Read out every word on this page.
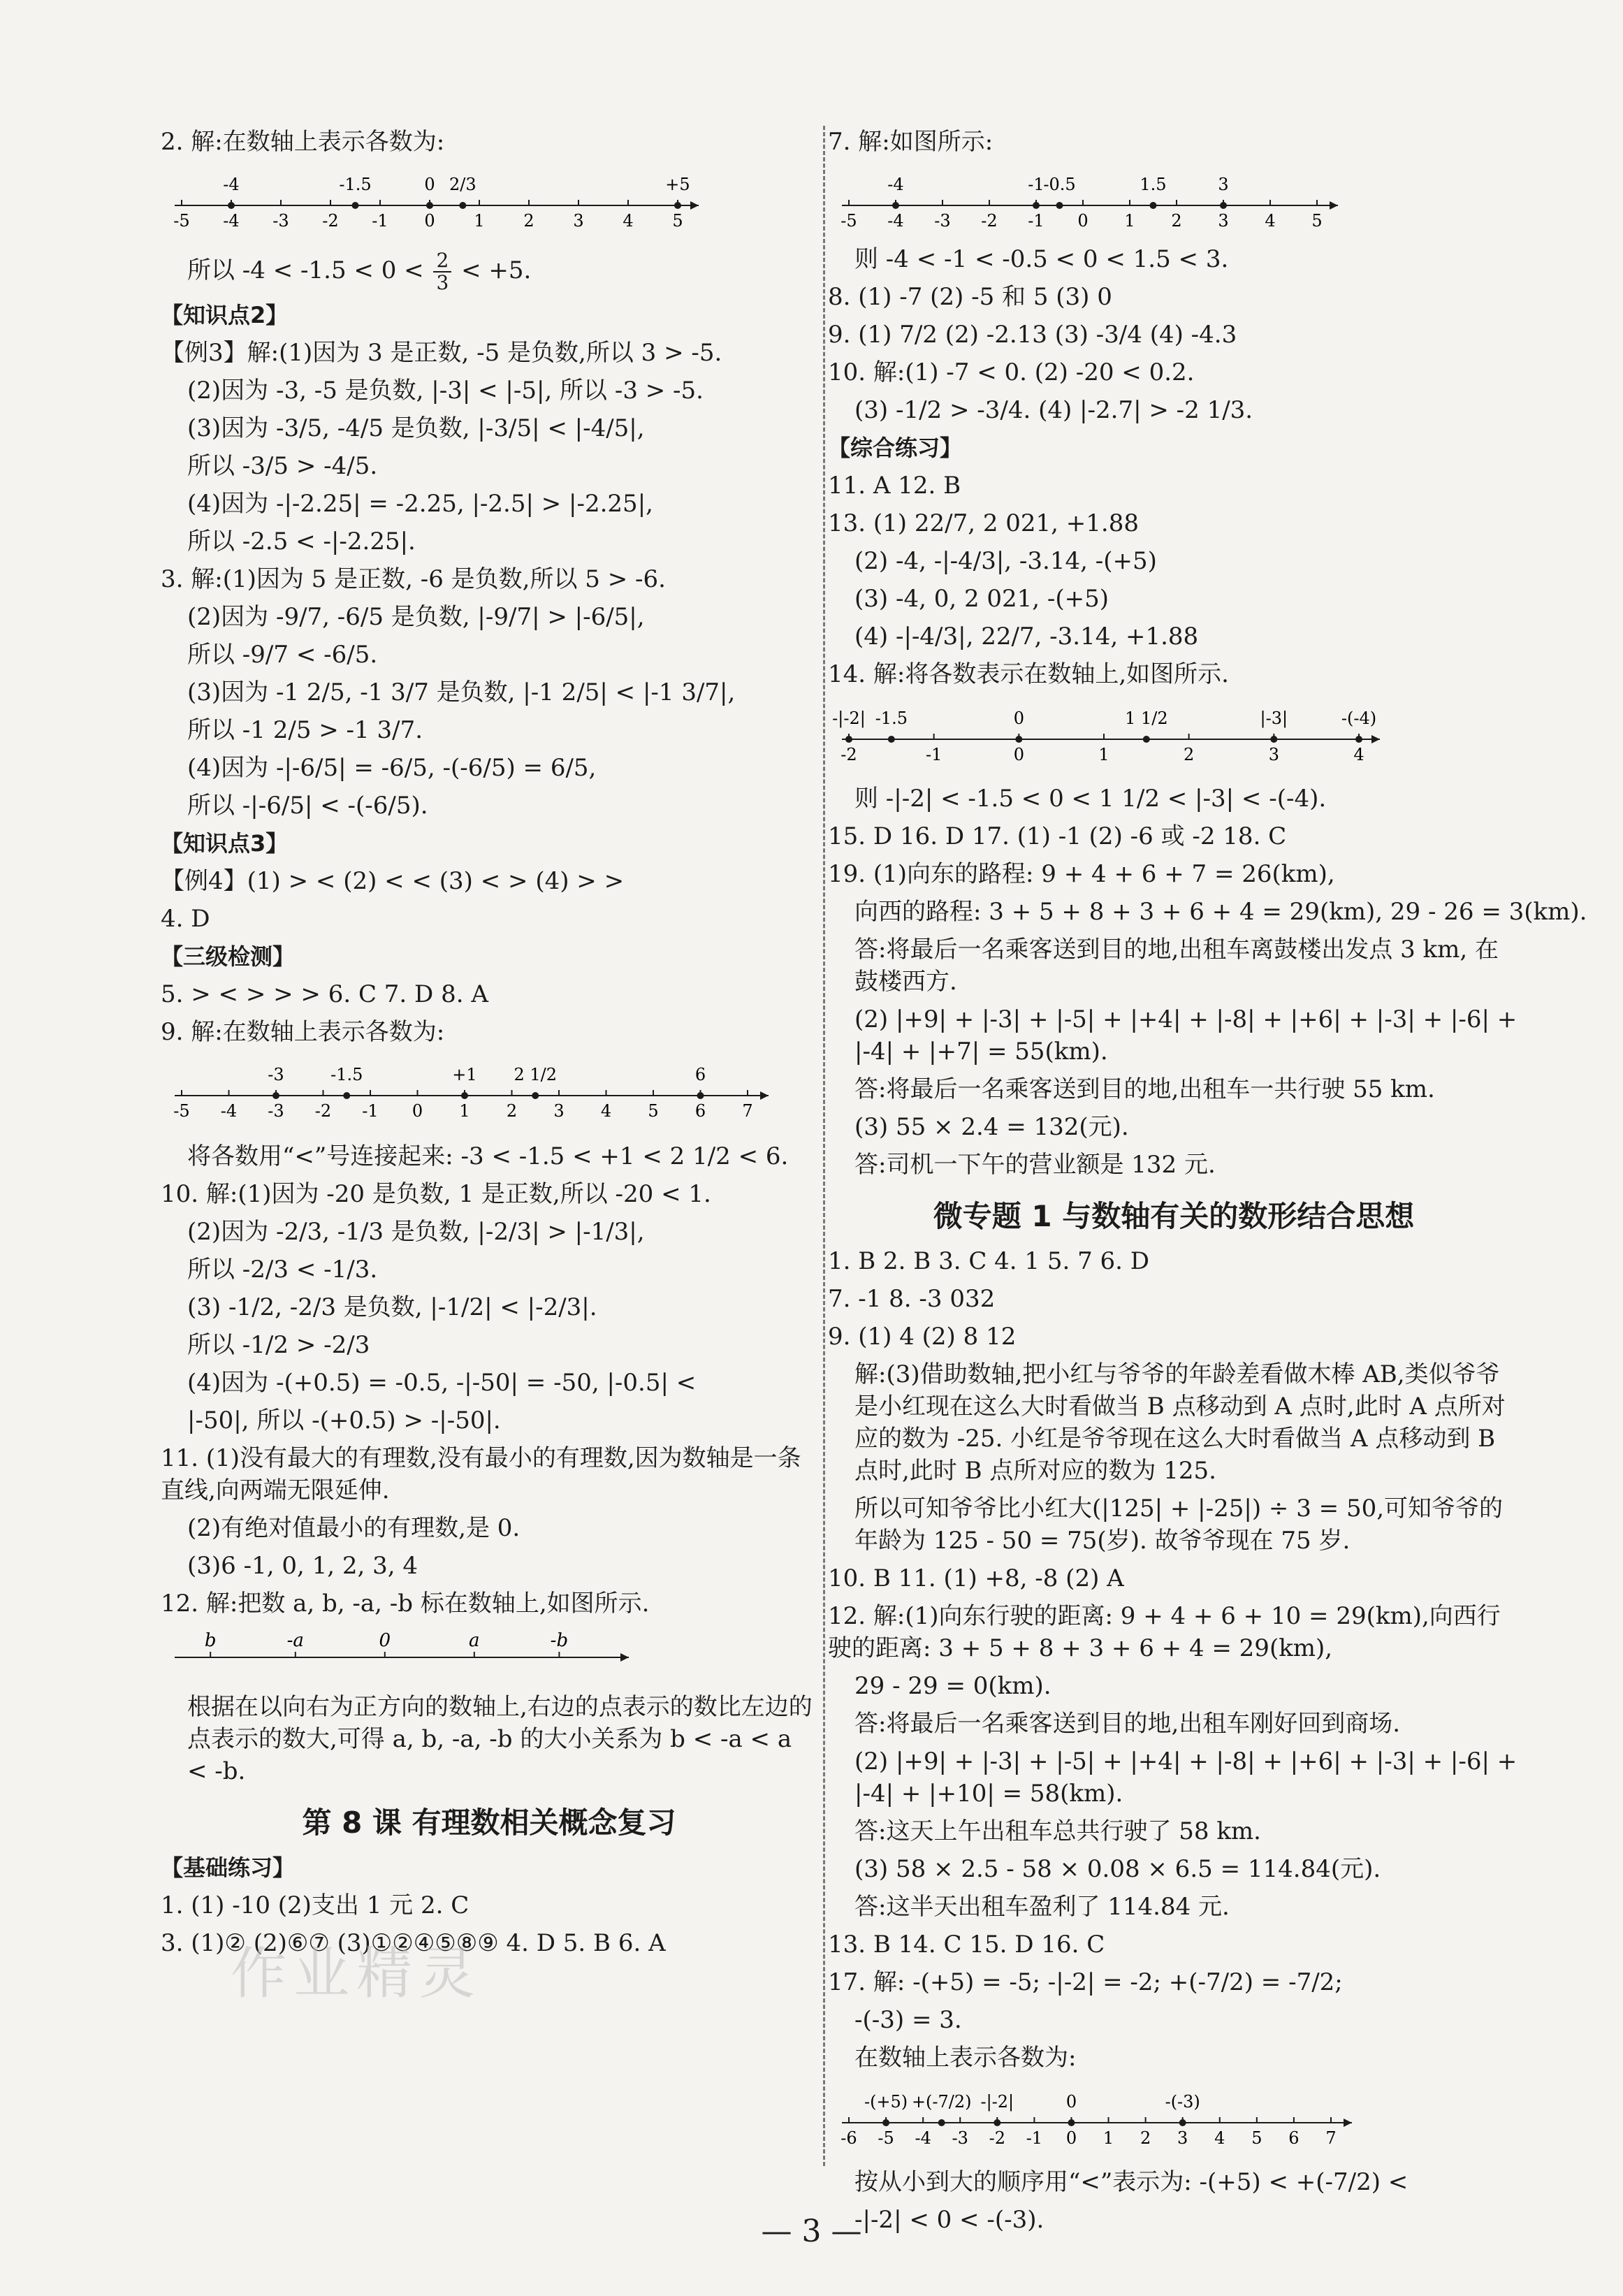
2. 解:在数轴上表示各数为:
-5 -4 -3 -2 -1 0 1 2 3 4 5
-4	-1.5	0 2/3	+5
所以 $-4 < -1.5 < 0 < \frac{2}{3} < +5$.
【知识点2】
【例3】解:(1)因为 3 是正数, -5 是负数,所以 3 > -5.
(2)因为 -3, -5 是负数, |-3| < |-5|, 所以 -3 > -5.
(3)因为 -3/5, -4/5 是负数, |-3/5| < |-4/5|,
所以 -3/5 > -4/5.
(4)因为 -|-2.25| = -2.25, |-2.5| > |-2.25|,
所以 -2.5 < -|-2.25|.
3. 解:(1)因为 5 是正数, -6 是负数,所以 5 > -6.
(2)因为 -9/7, -6/5 是负数, |-9/7| > |-6/5|,
所以 -9/7 < -6/5.
(3)因为 -1 2/5, -1 3/7 是负数, |-1 2/5| < |-1 3/7|,
所以 -1 2/5 > -1 3/7.
(4)因为 -|-6/5| = -6/5, -(-6/5) = 6/5,
所以 -|-6/5| < -(-6/5).
【知识点3】
【例4】(1) > < (2) < < (3) < > (4) > >
4. D
【三级检测】
5. > < > > > 6. C 7. D 8. A
9. 解:在数轴上表示各数为:
-5 -4 -3 -2 -1 0 1 2 3 4 5 6 7
-3	-1.5	+1 2 1/2	6
将各数用“<”号连接起来: -3 < -1.5 < +1 < 2 1/2 < 6.
10. 解:(1)因为 -20 是负数, 1 是正数,所以 -20 < 1.
(2)因为 -2/3, -1/3 是负数, |-2/3| > |-1/3|,
所以 -2/3 < -1/3.
(3) -1/2, -2/3 是负数, |-1/2| < |-2/3|.
所以 -1/2 > -2/3
(4)因为 -(+0.5) = -0.5, -|-50| = -50, |-0.5| <
|-50|, 所以 -(+0.5) > -|-50|.
11. (1)没有最大的有理数,没有最小的有理数,因为数轴是一条直线,向两端无限延伸.
(2)有绝对值最小的有理数,是 0.
(3)6 -1, 0, 1, 2, 3, 4
12. 解:把数 a, b, -a, -b 标在数轴上,如图所示.
b	-a	0	a	-b
根据在以向右为正方向的数轴上,右边的点表示的数比左边的点表示的数大,可得 a, b, -a, -b 的大小关系为 b < -a < a < -b.
第 8 课 有理数相关概念复习
【基础练习】
1. (1) -10 (2)支出 1 元 2. C
3. (1)② (2)⑥⑦ (3)①②④⑤⑧⑨ 4. D 5. B 6. A
7. 解:如图所示:
-5 -4 -3 -2 -1 0 1 2 3 4 5
-4	-1
-0.5	1.5	3
则 -4 < -1 < -0.5 < 0 < 1.5 < 3.
8. (1) -7 (2) -5 和 5 (3) 0
9. (1) 7/2 (2) -2.13 (3) -3/4 (4) -4.3
10. 解:(1) -7 < 0. (2) -20 < 0.2.
(3) -1/2 > -3/4. (4) |-2.7| > -2 1/3.
【综合练习】
11. A 12. B
13. (1) 22/7, 2 021, +1.88
(2) -4, -|-4/3|, -3.14, -(+5)
(3) -4, 0, 2 021, -(+5)
(4) -|-4/3|, 22/7, -3.14, +1.88
14. 解:将各数表示在数轴上,如图所示.
-2	-1	0	1	2	3	4
-|-2| -1.5	0	1 1/2	|-3|	-(-4)
则 -|-2| < -1.5 < 0 < 1 1/2 < |-3| < -(-4).
15. D 16. D 17. (1) -1 (2) -6 或 -2 18. C
19. (1)向东的路程: 9 + 4 + 6 + 7 = 26(km),
向西的路程: 3 + 5 + 8 + 3 + 6 + 4 = 29(km), 29 - 26 = 3(km).
答:将最后一名乘客送到目的地,出租车离鼓楼出发点 3 km, 在鼓楼西方.
(2) |+9| + |-3| + |-5| + |+4| + |-8| + |+6| + |-3| + |-6| + |-4| + |+7| = 55(km).
答:将最后一名乘客送到目的地,出租车一共行驶 55 km.
(3) 55 × 2.4 = 132(元).
答:司机一下午的营业额是 132 元.
微专题 1 与数轴有关的数形结合思想
1. B 2. B 3. C 4. 1 5. 7 6. D
7. -1 8. -3 032
9. (1) 4 (2) 8 12
解:(3)借助数轴,把小红与爷爷的年龄差看做木棒 AB,类似爷爷是小红现在这么大时看做当 B 点移动到 A 点时,此时 A 点所对应的数为 -25. 小红是爷爷现在这么大时看做当 A 点移动到 B 点时,此时 B 点所对应的数为 125.
所以可知爷爷比小红大(|125| + |-25|) ÷ 3 = 50,可知爷爷的年龄为 125 - 50 = 75(岁). 故爷爷现在 75 岁.
10. B 11. (1) +8, -8 (2) A
12. 解:(1)向东行驶的距离: 9 + 4 + 6 + 10 = 29(km),向西行驶的距离: 3 + 5 + 8 + 3 + 6 + 4 = 29(km),
29 - 29 = 0(km).
答:将最后一名乘客送到目的地,出租车刚好回到商场.
(2) |+9| + |-3| + |-5| + |+4| + |-8| + |+6| + |-3| + |-6| + |-4| + |+10| = 58(km).
答:这天上午出租车总共行驶了 58 km.
(3) 58 × 2.5 - 58 × 0.08 × 6.5 = 114.84(元).
答:这半天出租车盈利了 114.84 元.
13. B 14. C 15. D 16. C
17. 解: -(+5) = -5; -|-2| = -2; +(-7/2) = -7/2;
-(-3) = 3.
在数轴上表示各数为:
-6 -5 -4 -3 -2 -1 0 1 2 3 4 5 6 7
-(+5) +(-7/2) -|-2|	0	-(-3)
按从小到大的顺序用“<”表示为: -(+5) < +(-7/2) <
-|-2| < 0 < -(-3).
作业精灵
— 3 —
